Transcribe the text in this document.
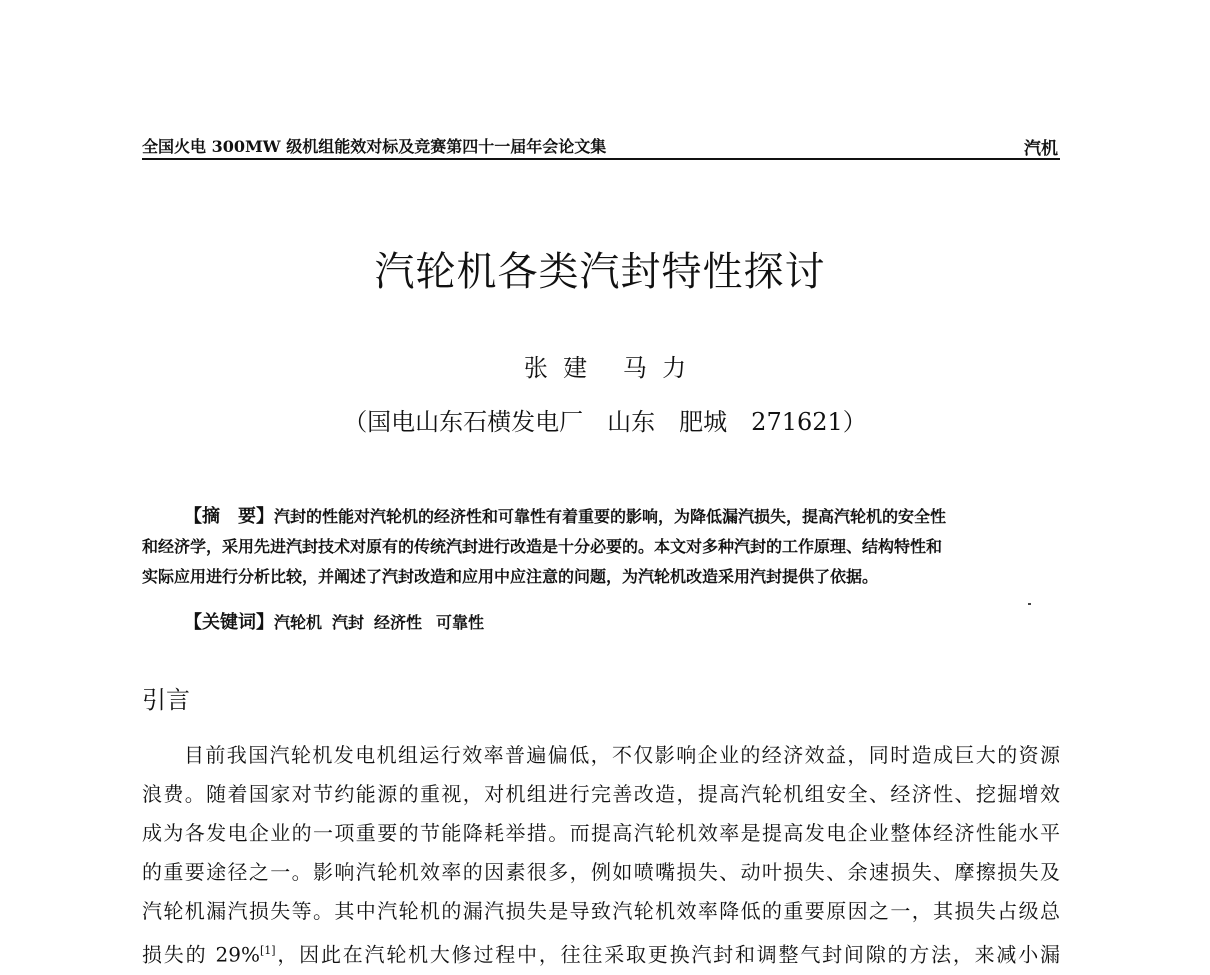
全国火电 300MW 级机组能效对标及竞赛第四十一届年会论文集	汽机
汽轮机各类汽封特性探讨
张  建 马  力
（国电山东石横发电厂　山东　肥城　271621）
【摘　要】汽封的性能对汽轮机的经济性和可靠性有着重要的影响，为降低漏汽损失，提高汽轮机的安全性
和经济学，采用先进汽封技术对原有的传统汽封进行改造是十分必要的。本文对多种汽封的工作原理、结构特性和
实际应用进行分析比较，并阐述了汽封改造和应用中应注意的问题，为汽轮机改造采用汽封提供了依据。
【关键词】汽轮机 汽封 经济性 可靠性
引言
目前我国汽轮机发电机组运行效率普遍偏低，不仅影响企业的经济效益，同时造成巨大的资源
浪费。随着国家对节约能源的重视，对机组进行完善改造，提高汽轮机组安全、经济性、挖掘增效
成为各发电企业的一项重要的节能降耗举措。而提高汽轮机效率是提高发电企业整体经济性能水平
的重要途径之一。影响汽轮机效率的因素很多，例如喷嘴损失、动叶损失、余速损失、摩擦损失及
汽轮机漏汽损失等。其中汽轮机的漏汽损失是导致汽轮机效率降低的重要原因之一，其损失占级总
损失的 29%[1]，因此在汽轮机大修过程中，往往采取更换汽封和调整气封间隙的方法，来减小漏
